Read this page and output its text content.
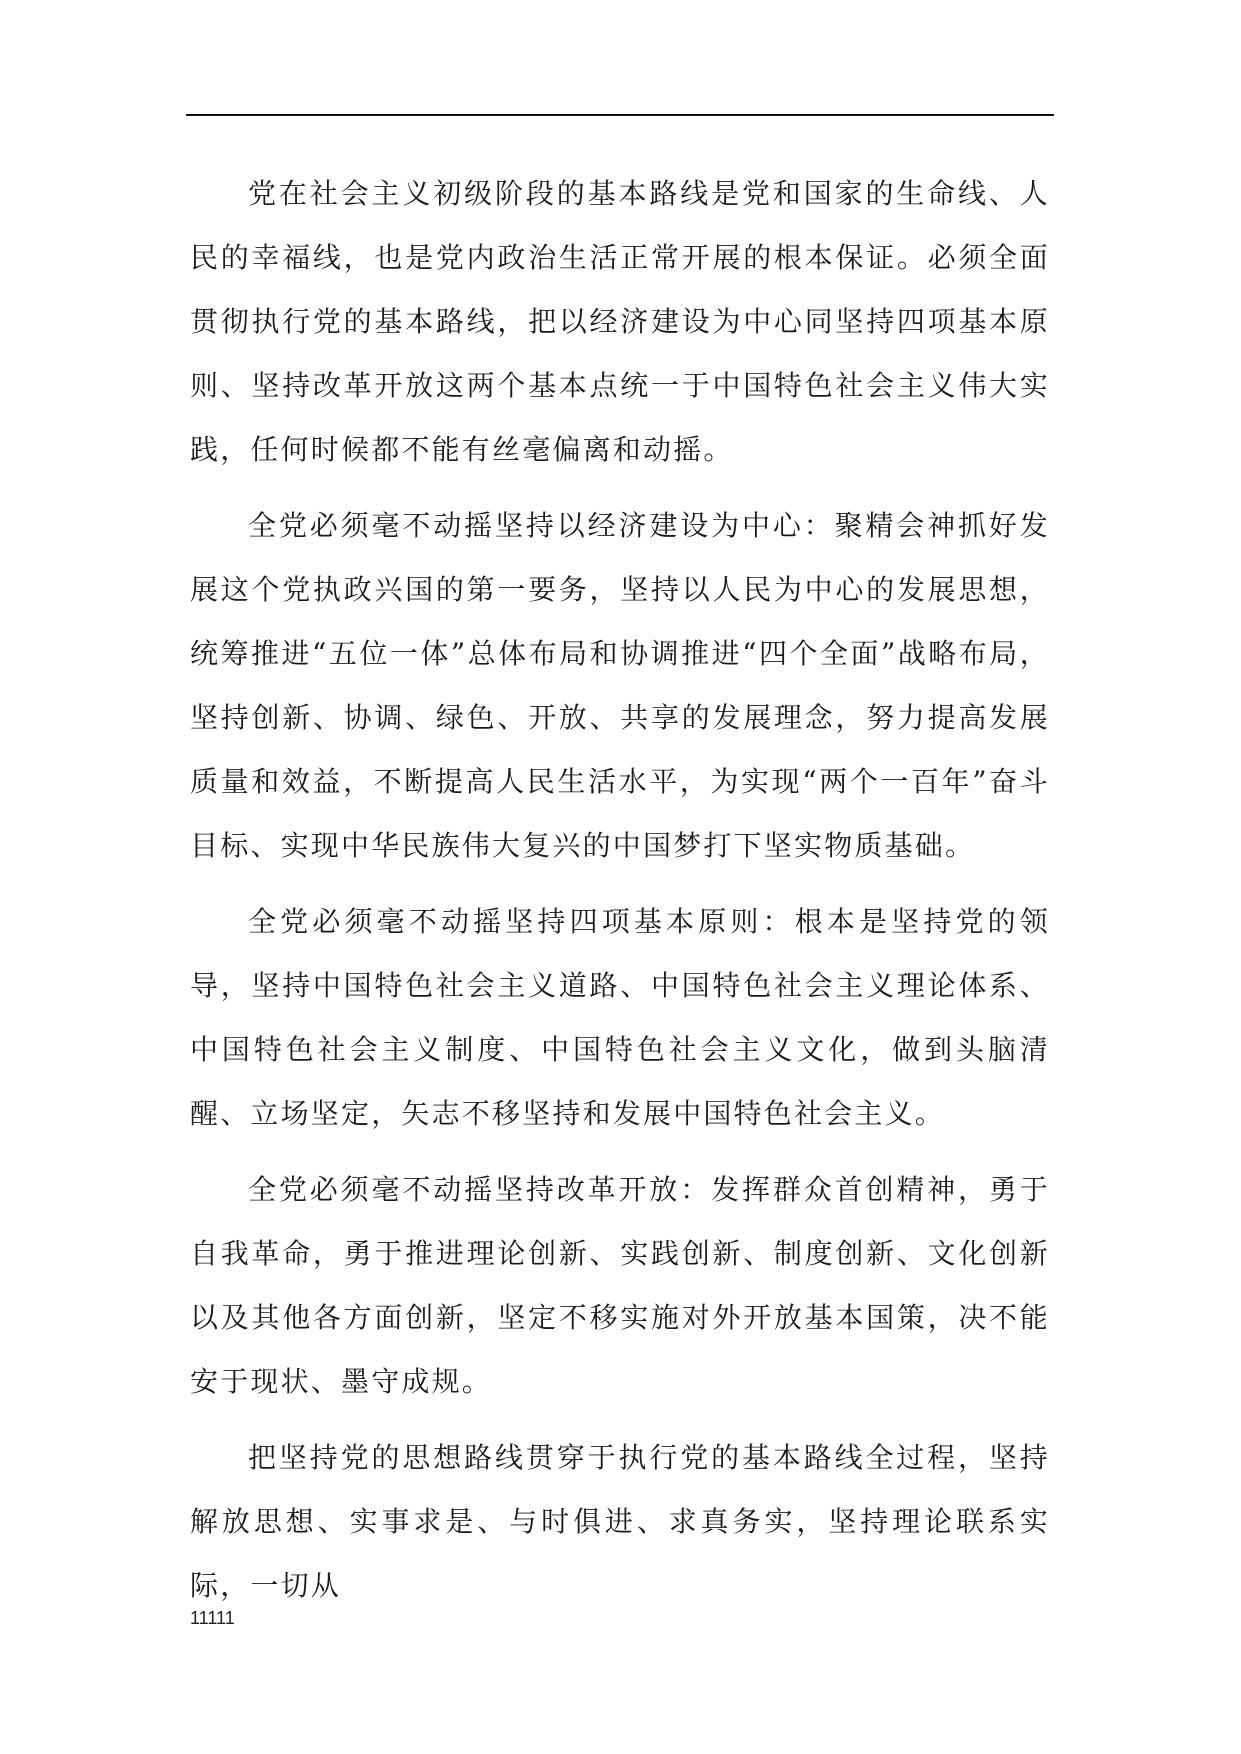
党在社会主义初级阶段的基本路线是党和国家的生命线、人民的幸福线，也是党内政治生活正常开展的根本保证。必须全面贯彻执行党的基本路线，把以经济建设为中心同坚持四项基本原则、坚持改革开放这两个基本点统一于中国特色社会主义伟大实践，任何时候都不能有丝毫偏离和动摇。

全党必须毫不动摇坚持以经济建设为中心：聚精会神抓好发展这个党执政兴国的第一要务，坚持以人民为中心的发展思想，统筹推进“五位一体”总体布局和协调推进“四个全面”战略布局，坚持创新、协调、绿色、开放、共享的发展理念，努力提高发展质量和效益，不断提高人民生活水平，为实现“两个一百年”奋斗目标、实现中华民族伟大复兴的中国梦打下坚实物质基础。

全党必须毫不动摇坚持四项基本原则：根本是坚持党的领导，坚持中国特色社会主义道路、中国特色社会主义理论体系、中国特色社会主义制度、中国特色社会主义文化，做到头脑清醒、立场坚定，矢志不移坚持和发展中国特色社会主义。

全党必须毫不动摇坚持改革开放：发挥群众首创精神，勇于自我革命，勇于推进理论创新、实践创新、制度创新、文化创新以及其他各方面创新，坚定不移实施对外开放基本国策，决不能安于现状、墨守成规。

把坚持党的思想路线贯穿于执行党的基本路线全过程，坚持解放思想、实事求是、与时俱进、求真务实，坚持理论联系实际，一切从

11111
